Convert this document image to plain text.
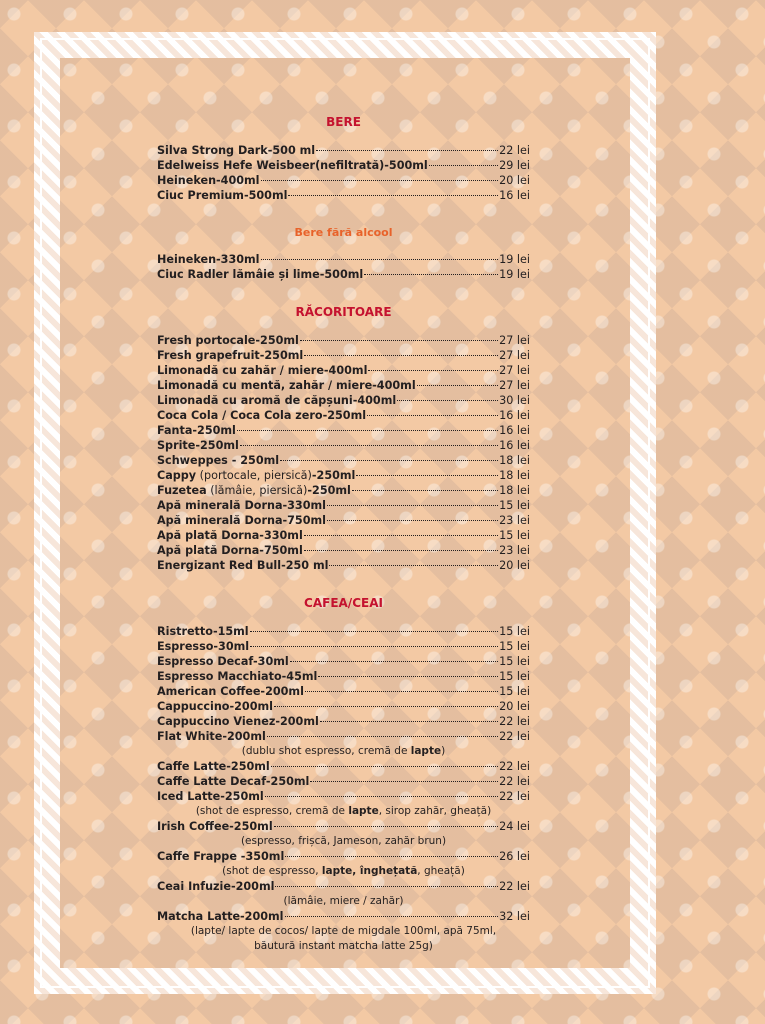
BERE
Silva Strong Dark-500 ml	22 lei
Edelweiss Hefe Weisbeer(nefiltrată)-500ml	29 lei
Heineken-400ml	20 lei
Ciuc Premium-500ml	16 lei
Bere fără alcool
Heineken-330ml	19 lei
Ciuc Radler lămâie și lime-500ml	19 lei
RĂCORITOARE
Fresh portocale-250ml	27 lei
Fresh grapefruit-250ml	27 lei
Limonadă cu zahăr / miere-400ml	27 lei
Limonadă cu mentă, zahăr / miere-400ml	27 lei
Limonadă cu aromă de căpșuni-400ml	30 lei
Coca Cola / Coca Cola zero-250ml	16 lei
Fanta-250ml	16 lei
Sprite-250ml	16 lei
Schweppes - 250ml	18 lei
Cappy (portocale, piersică)-250ml	18 lei
Fuzetea (lămâie, piersică)-250ml	18 lei
Apă minerală Dorna-330ml	15 lei
Apă minerală Dorna-750ml	23 lei
Apă plată Dorna-330ml	15 lei
Apă plată Dorna-750ml	23 lei
Energizant Red Bull-250 ml	20 lei
CAFEA/CEAI
Ristretto-15ml	15 lei
Espresso-30ml	15 lei
Espresso Decaf-30ml	15 lei
Espresso Macchiato-45ml	15 lei
American Coffee-200ml	15 lei
Cappuccino-200ml	20 lei
Cappuccino Vienez-200ml	22 lei
Flat White-200ml	22 lei
(dublu shot espresso, cremă de lapte)
Caffe Latte-250ml	22 lei
Caffe Latte Decaf-250ml	22 lei
Iced Latte-250ml	22 lei
(shot de espresso, cremă de lapte, sirop zahăr, gheață)
Irish Coffee-250ml	24 lei
(espresso, frișcă, Jameson, zahăr brun)
Caffe Frappe -350ml	26 lei
(shot de espresso, lapte, înghețată, gheață)
Ceai Infuzie-200ml	22 lei
(lămâie, miere / zahăr)
Matcha Latte-200ml	32 lei
(lapte/ lapte de cocos/ lapte de migdale 100ml, apă 75ml,
băutură instant matcha latte 25g)
